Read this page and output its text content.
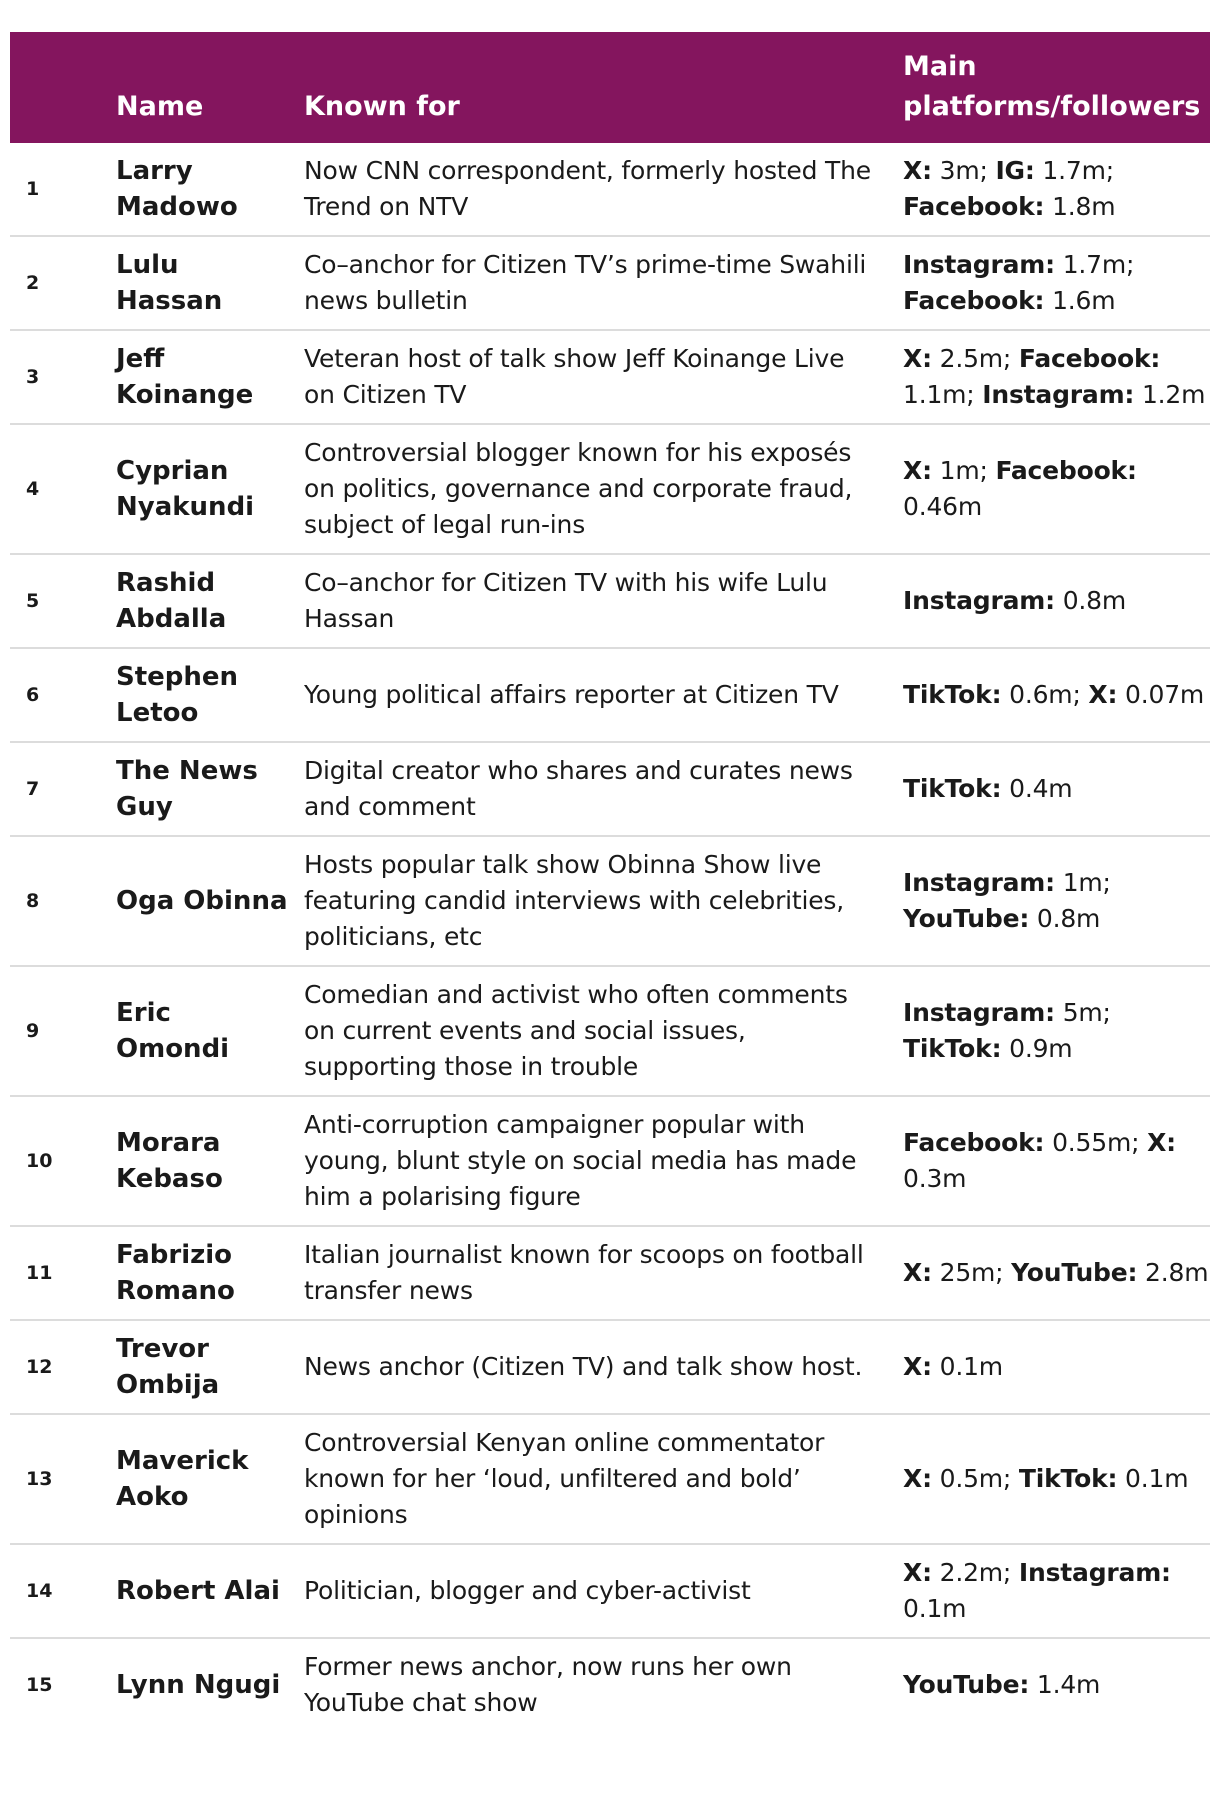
	Name	Known for	Main platforms/followers
1	Larry Madowo	Now CNN correspondent, formerly hosted The Trend on NTV	X: 3m; IG: 1.7m; Facebook: 1.8m
2	Lulu Hassan	Co–anchor for Citizen TV’s prime-time Swahili news bulletin	Instagram: 1.7m; Facebook: 1.6m
3	Jeff Koinange	Veteran host of talk show Jeff Koinange Live on Citizen TV	X: 2.5m; Facebook: 1.1m; Instagram: 1.2m
4	Cyprian Nyakundi	Controversial blogger known for his exposés on politics, governance and corporate fraud, subject of legal run-ins	X: 1m; Facebook: 0.46m
5	Rashid Abdalla	Co–anchor for Citizen TV with his wife Lulu Hassan	Instagram: 0.8m
6	Stephen Letoo	Young political affairs reporter at Citizen TV	TikTok: 0.6m; X: 0.07m
7	The News Guy	Digital creator who shares and curates news and comment	TikTok: 0.4m
8	Oga Obinna	Hosts popular talk show Obinna Show live featuring candid interviews with celebrities, politicians, etc	Instagram: 1m; YouTube: 0.8m
9	Eric Omondi	Comedian and activist who often comments on current events and social issues, supporting those in trouble	Instagram: 5m; TikTok: 0.9m
10	Morara Kebaso	Anti-corruption campaigner popular with young, blunt style on social media has made him a polarising figure	Facebook: 0.55m; X: 0.3m
11	Fabrizio Romano	Italian journalist known for scoops on football transfer news	X: 25m; YouTube: 2.8m
12	Trevor Ombija	News anchor (Citizen TV) and talk show host.	X: 0.1m
13	Maverick Aoko	Controversial Kenyan online commentator known for her ‘loud, unfiltered and bold’ opinions	X: 0.5m; TikTok: 0.1m
14	Robert Alai	Politician, blogger and cyber-activist	X: 2.2m; Instagram: 0.1m
15	Lynn Ngugi	Former news anchor, now runs her own YouTube chat show	YouTube: 1.4m
